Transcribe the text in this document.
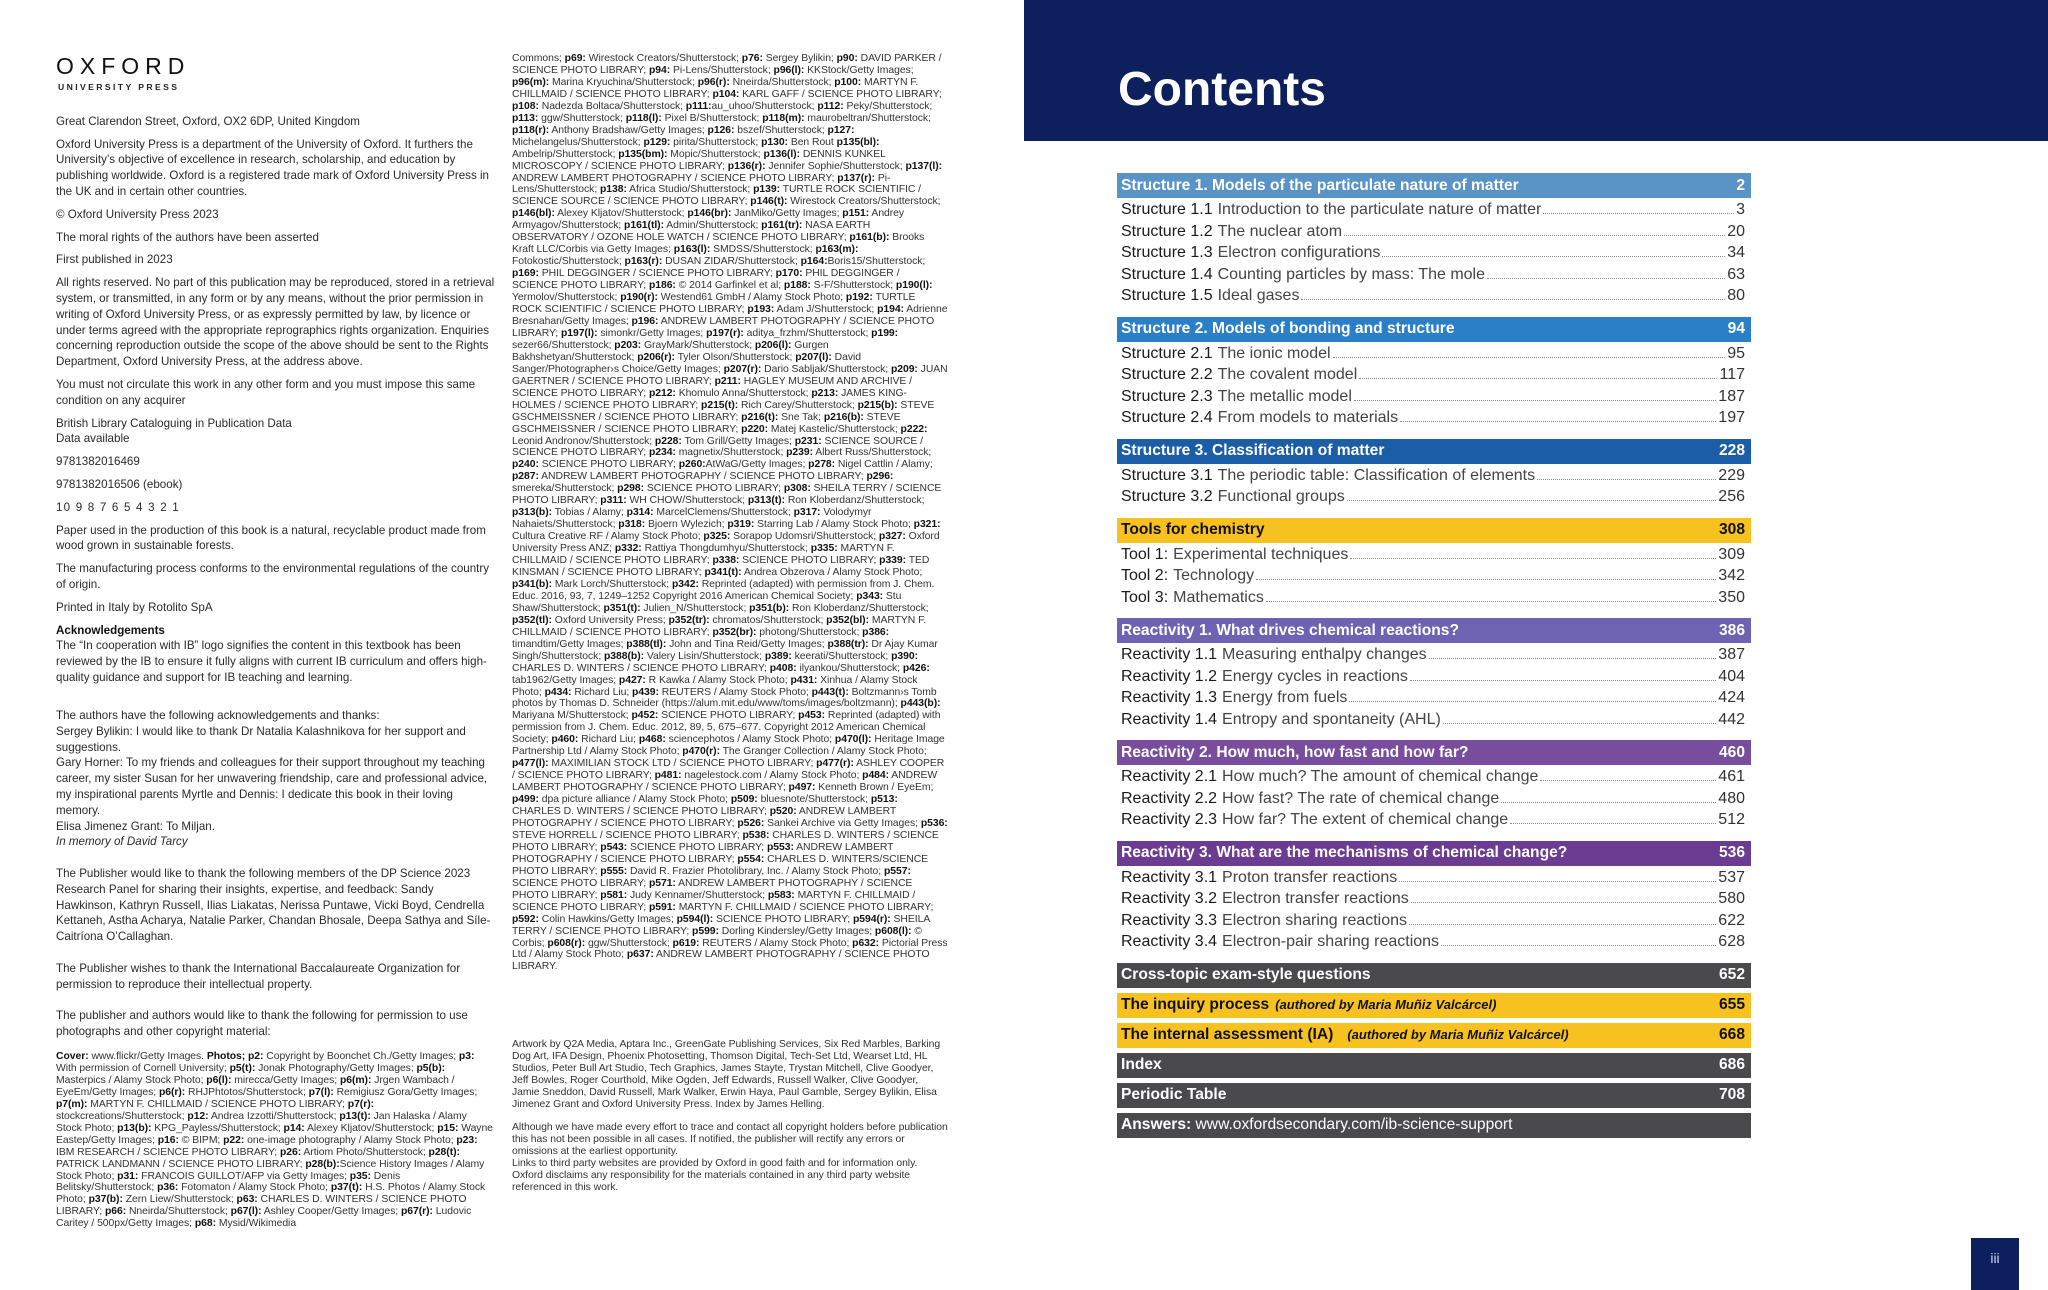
OXFORD
UNIVERSITY PRESS

Great Clarendon Street, Oxford, OX2 6DP, United Kingdom

Oxford University Press is a department of the University of Oxford. It furthers the University’s objective of excellence in research, scholarship, and education by publishing worldwide. Oxford is a registered trade mark of Oxford University Press in the UK and in certain other countries.

© Oxford University Press 2023

The moral rights of the authors have been asserted

First published in 2023

All rights reserved. No part of this publication may be reproduced, stored in a retrieval system, or transmitted, in any form or by any means, without the prior permission in writing of Oxford University Press, or as expressly permitted by law, by licence or under terms agreed with the appropriate reprographics rights organization. Enquiries concerning reproduction outside the scope of the above should be sent to the Rights Department, Oxford University Press, at the address above.

You must not circulate this work in any other form and you must impose this same condition on any acquirer

British Library Cataloguing in Publication Data
Data available

9781382016469

9781382016506 (ebook)

10 9 8 7 6 5 4 3 2 1

Paper used in the production of this book is a natural, recyclable product made from wood grown in sustainable forests.

The manufacturing process conforms to the environmental regulations of the country of origin.

Printed in Italy by Rotolito SpA

Acknowledgements

The “In cooperation with IB” logo signifies the content in this textbook has been reviewed by the IB to ensure it fully aligns with current IB curriculum and offers high-quality guidance and support for IB teaching and learning.

The authors have the following acknowledgements and thanks:
Sergey Bylikin: I would like to thank Dr Natalia Kalashnikova for her support and suggestions.
Gary Horner: To my friends and colleagues for their support throughout my teaching career, my sister Susan for her unwavering friendship, care and professional advice, my inspirational parents Myrtle and Dennis: I dedicate this book in their loving memory.
Elisa Jimenez Grant: To Miljan.
In memory of David Tarcy

The Publisher would like to thank the following members of the DP Science 2023 Research Panel for sharing their insights, expertise, and feedback: Sandy Hawkinson, Kathryn Russell, Ilias Liakatas, Nerissa Puntawe, Vicki Boyd, Cendrella Kettaneh, Astha Acharya, Natalie Parker, Chandan Bhosale, Deepa Sathya and Síle-Caitríona O’Callaghan.

The Publisher wishes to thank the International Baccalaureate Organization for permission to reproduce their intellectual property.

The publisher and authors would like to thank the following for permission to use photographs and other copyright material:

Cover: www.flickr/Getty Images. Photos; p2: Copyright by Boonchet Ch./Getty Images; p3: With permission of Cornell University; p5(t): Jonak Photography/Getty Images; p5(b): Masterpics / Alamy Stock Photo; p6(l): mirecca/Getty Images; p6(m): Jrgen Wambach / EyeEm/Getty Images; p6(r): RHJPhtotos/Shutterstock; p7(l): Remigiusz Gora/Getty Images; p7(m): MARTYN F. CHILLMAID / SCIENCE PHOTO LIBRARY; p7(r): stockcreations/Shutterstock; p12: Andrea Izzotti/Shutterstock; p13(t): Jan Halaska / Alamy Stock Photo; p13(b): KPG_Payless/Shutterstock; p14: Alexey Kljatov/Shutterstock; p15: Wayne Eastep/Getty Images; p16: © BIPM; p22: one-image photography / Alamy Stock Photo; p23: IBM RESEARCH / SCIENCE PHOTO LIBRARY; p26: Artiom Photo/Shutterstock; p28(t): PATRICK LANDMANN / SCIENCE PHOTO LIBRARY; p28(b):Science History Images / Alamy Stock Photo; p31: FRANCOIS GUILLOT/AFP via Getty Images; p35: Denis Belitsky/Shutterstock; p36: Fotomaton / Alamy Stock Photo; p37(t): H.S. Photos / Alamy Stock Photo; p37(b): Zern Liew/Shutterstock; p63: CHARLES D. WINTERS / SCIENCE PHOTO LIBRARY; p66: Nneirda/Shutterstock; p67(l): Ashley Cooper/Getty Images; p67(r): Ludovic Caritey / 500px/Getty Images; p68: Mysid/Wikimedia
Commons; p69: Wirestock Creators/Shutterstock; p76: Sergey Bylikin; p90: DAVID PARKER / SCIENCE PHOTO LIBRARY; p94: Pi-Lens/Shutterstock; p96(l): KKStock/Getty Images; p96(m): Marina Kryuchina/Shutterstock; p96(r): Nneirda/Shutterstock; p100: MARTYN F. CHILLMAID / SCIENCE PHOTO LIBRARY; p104: KARL GAFF / SCIENCE PHOTO LIBRARY; p108: Nadezda Boltaca/Shutterstock; p111:au_uhoo/Shutterstock; p112: Peky/Shutterstock; p113: ggw/Shutterstock; p118(l): Pixel B/Shutterstock; p118(m): maurobeltran/Shutterstock; p118(r): Anthony Bradshaw/Getty Images; p126: bszef/Shutterstock; p127: Michelangelus/Shutterstock; p129: pirita/Shutterstock; p130: Ben Rout p135(bl): Ambelrip/Shutterstock; p135(bm): Mopic/Shutterstock; p136(l): DENNIS KUNKEL MICROSCOPY / SCIENCE PHOTO LIBRARY; p136(r): Jennifer Sophie/Shutterstock; p137(l): ANDREW LAMBERT PHOTOGRAPHY / SCIENCE PHOTO LIBRARY; p137(r): Pi-Lens/Shutterstock; p138: Africa Studio/Shutterstock; p139: TURTLE ROCK SCIENTIFIC / SCIENCE SOURCE / SCIENCE PHOTO LIBRARY; p146(t): Wirestock Creators/Shutterstock; p146(bl): Alexey Kljatov/Shutterstock; p146(br): JanMiko/Getty Images; p151: Andrey Armyagov/Shutterstock; p161(tl): Admin/Shutterstock; p161(tr): NASA EARTH OBSERVATORY / OZONE HOLE WATCH / SCIENCE PHOTO LIBRARY; p161(b): Brooks Kraft LLC/Corbis via Getty Images; p163(l): SMDSS/Shutterstock; p163(m): Fotokostic/Shutterstock; p163(r): DUSAN ZIDAR/Shutterstock; p164:Boris15/Shutterstock; p169: PHIL DEGGINGER / SCIENCE PHOTO LIBRARY; p170: PHIL DEGGINGER / SCIENCE PHOTO LIBRARY; p186: © 2014 Garfinkel et al; p188: S-F/Shutterstock; p190(l): Yermolov/Shutterstock; p190(r): Westend61 GmbH / Alamy Stock Photo; p192: TURTLE ROCK SCIENTIFIC / SCIENCE PHOTO LIBRARY; p193: Adam J/Shutterstock; p194: Adrienne Bresnahan/Getty Images; p196: ANDREW LAMBERT PHOTOGRAPHY / SCIENCE PHOTO LIBRARY; p197(l): simonkr/Getty Images; p197(r): aditya_frzhm/Shutterstock; p199: sezer66/Shutterstock; p203: GrayMark/Shutterstock; p206(l): Gurgen Bakhshetyan/Shutterstock; p206(r): Tyler Olson/Shutterstock; p207(l): David Sanger/Photographer›s Choice/Getty Images; p207(r): Dario Sabljak/Shutterstock; p209: JUAN GAERTNER / SCIENCE PHOTO LIBRARY; p211: HAGLEY MUSEUM AND ARCHIVE / SCIENCE PHOTO LIBRARY; p212: Khomulo Anna/Shutterstock; p213: JAMES KING-HOLMES / SCIENCE PHOTO LIBRARY; p215(t): Rich Carey/Shutterstock; p215(b): STEVE GSCHMEISSNER / SCIENCE PHOTO LIBRARY; p216(t): Sne Tak; p216(b): STEVE GSCHMEISSNER / SCIENCE PHOTO LIBRARY; p220: Matej Kastelic/Shutterstock; p222: Leonid Andronov/Shutterstock; p228: Tom Grill/Getty Images; p231: SCIENCE SOURCE / SCIENCE PHOTO LIBRARY; p234: magnetix/Shutterstock; p239: Albert Russ/Shutterstock; p240: SCIENCE PHOTO LIBRARY; p260:AtWaG/Getty Images; p278: Nigel Cattlin / Alamy; p287: ANDREW LAMBERT PHOTOGRAPHY / SCIENCE PHOTO LIBRARY; p296: smereka/Shutterstock; p298: SCIENCE PHOTO LIBRARY; p308: SHEILA TERRY / SCIENCE PHOTO LIBRARY; p311: WH CHOW/Shutterstock; p313(t): Ron Kloberdanz/Shutterstock; p313(b): Tobias / Alamy; p314: MarcelClemens/Shutterstock; p317: Volodymyr Nahaiets/Shutterstock; p318: Bjoern Wylezich; p319: Starring Lab / Alamy Stock Photo; p321: Cultura Creative RF / Alamy Stock Photo; p325: Sorapop Udomsri/Shutterstock; p327: Oxford University Press ANZ; p332: Rattiya Thongdumhyu/Shutterstock; p335: MARTYN F. CHILLMAID / SCIENCE PHOTO LIBRARY; p338: SCIENCE PHOTO LIBRARY; p339: TED KINSMAN / SCIENCE PHOTO LIBRARY; p341(t): Andrea Obzerova / Alamy Stock Photo; p341(b): Mark Lorch/Shutterstock; p342: Reprinted (adapted) with permission from J. Chem. Educ. 2016, 93, 7, 1249–1252 Copyright 2016 American Chemical Society; p343: Stu Shaw/Shutterstock; p351(t): Julien_N/Shutterstock; p351(b): Ron Kloberdanz/Shutterstock; p352(tl): Oxford University Press; p352(tr): chromatos/Shutterstock; p352(bl): MARTYN F. CHILLMAID / SCIENCE PHOTO LIBRARY; p352(br): photong/Shutterstock; p386: timandtim/Getty Images; p388(tl): John and Tina Reid/Getty Images; p388(tr): Dr Ajay Kumar Singh/Shutterstock; p388(b): Valery Lisin/Shutterstock; p389: keerati/Shutterstock; p390: CHARLES D. WINTERS / SCIENCE PHOTO LIBRARY; p408: ilyankou/Shutterstock; p426: tab1962/Getty Images; p427: R Kawka / Alamy Stock Photo; p431: Xinhua / Alamy Stock Photo; p434: Richard Liu; p439: REUTERS / Alamy Stock Photo; p443(t): Boltzmann›s Tomb photos by Thomas D. Schneider (https://alum.mit.edu/www/toms/images/boltzmann); p443(b): Mariyana M/Shutterstock; p452: SCIENCE PHOTO LIBRARY; p453: Reprinted (adapted) with permission from J. Chem. Educ. 2012, 89, 5, 675–677. Copyright 2012 American Chemical Society; p460: Richard Liu; p468: sciencephotos / Alamy Stock Photo; p470(l): Heritage Image Partnership Ltd / Alamy Stock Photo; p470(r): The Granger Collection / Alamy Stock Photo; p477(l): MAXIMILIAN STOCK LTD / SCIENCE PHOTO LIBRARY; p477(r): ASHLEY COOPER / SCIENCE PHOTO LIBRARY; p481: nagelestock.com / Alamy Stock Photo; p484: ANDREW LAMBERT PHOTOGRAPHY / SCIENCE PHOTO LIBRARY; p497: Kenneth Brown / EyeEm; p499: dpa picture alliance / Alamy Stock Photo; p509: bluesnote/Shutterstock; p513: CHARLES D. WINTERS / SCIENCE PHOTO LIBRARY; p520: ANDREW LAMBERT PHOTOGRAPHY / SCIENCE PHOTO LIBRARY; p526: Sankei Archive via Getty Images; p536: STEVE HORRELL / SCIENCE PHOTO LIBRARY; p538: CHARLES D. WINTERS / SCIENCE PHOTO LIBRARY; p543: SCIENCE PHOTO LIBRARY; p553: ANDREW LAMBERT PHOTOGRAPHY / SCIENCE PHOTO LIBRARY; p554: CHARLES D. WINTERS/SCIENCE PHOTO LIBRARY; p555: David R. Frazier Photolibrary, Inc. / Alamy Stock Photo; p557: SCIENCE PHOTO LIBRARY; p571: ANDREW LAMBERT PHOTOGRAPHY / SCIENCE PHOTO LIBRARY; p581: Judy Kennamer/Shutterstock; p583: MARTYN F. CHILLMAID / SCIENCE PHOTO LIBRARY; p591: MARTYN F. CHILLMAID / SCIENCE PHOTO LIBRARY; p592: Colin Hawkins/Getty Images; p594(l): SCIENCE PHOTO LIBRARY; p594(r): SHEILA TERRY / SCIENCE PHOTO LIBRARY; p599: Dorling Kindersley/Getty Images; p608(l): © Corbis; p608(r): ggw/Shutterstock; p619: REUTERS / Alamy Stock Photo; p632: Pictorial Press Ltd / Alamy Stock Photo; p637: ANDREW LAMBERT PHOTOGRAPHY / SCIENCE PHOTO LIBRARY.
Artwork by Q2A Media, Aptara Inc., GreenGate Publishing Services, Six Red Marbles, Barking Dog Art, IFA Design, Phoenix Photosetting, Thomson Digital, Tech-Set Ltd, Wearset Ltd, HL Studios, Peter Bull Art Studio, Tech Graphics, James Stayte, Trystan Mitchell, Clive Goodyer, Jeff Bowles, Roger Courthold, Mike Ogden, Jeff Edwards, Russell Walker, Clive Goodyer, Jamie Sneddon, David Russell, Mark Walker, Erwin Haya, Paul Gamble, Sergey Bylikin, Elisa Jimenez Grant and Oxford University Press. Index by James Helling.
Although we have made every effort to trace and contact all copyright holders before publication this has not been possible in all cases. If notified, the publisher will rectify any errors or omissions at the earliest opportunity.
Links to third party websites are provided by Oxford in good faith and for information only. Oxford disclaims any responsibility for the materials contained in any third party website referenced in this work.
Contents
Structure 1. Models of the particulate nature of matter	2
Structure 1.1 Introduction to the particulate nature of matter	3
Structure 1.2 The nuclear atom	20
Structure 1.3 Electron configurations	34
Structure 1.4 Counting particles by mass: The mole	63
Structure 1.5 Ideal gases	80
Structure 2. Models of bonding and structure	94
Structure 2.1 The ionic model	95
Structure 2.2 The covalent model	117
Structure 2.3 The metallic model	187
Structure 2.4 From models to materials	197
Structure 3. Classification of matter	228
Structure 3.1 The periodic table: Classification of elements	229
Structure 3.2 Functional groups	256
Tools for chemistry	308
Tool 1: Experimental techniques	309
Tool 2: Technology	342
Tool 3: Mathematics	350
Reactivity 1. What drives chemical reactions?	386
Reactivity 1.1 Measuring enthalpy changes	387
Reactivity 1.2 Energy cycles in reactions	404
Reactivity 1.3 Energy from fuels	424
Reactivity 1.4 Entropy and spontaneity (AHL)	442
Reactivity 2. How much, how fast and how far?	460
Reactivity 2.1 How much? The amount of chemical change	461
Reactivity 2.2 How fast? The rate of chemical change	480
Reactivity 2.3 How far? The extent of chemical change	512
Reactivity 3. What are the mechanisms of chemical change?	536
Reactivity 3.1 Proton transfer reactions	537
Reactivity 3.2 Electron transfer reactions	580
Reactivity 3.3 Electron sharing reactions	622
Reactivity 3.4 Electron-pair sharing reactions	628
Cross-topic exam-style questions	652
The inquiry process (authored by Maria Muñiz Valcárcel)	655
The internal assessment (IA) (authored by Maria Muñiz Valcárcel)	668
Index	686
Periodic Table	708
Answers: www.oxfordsecondary.com/ib-science-support
iii
